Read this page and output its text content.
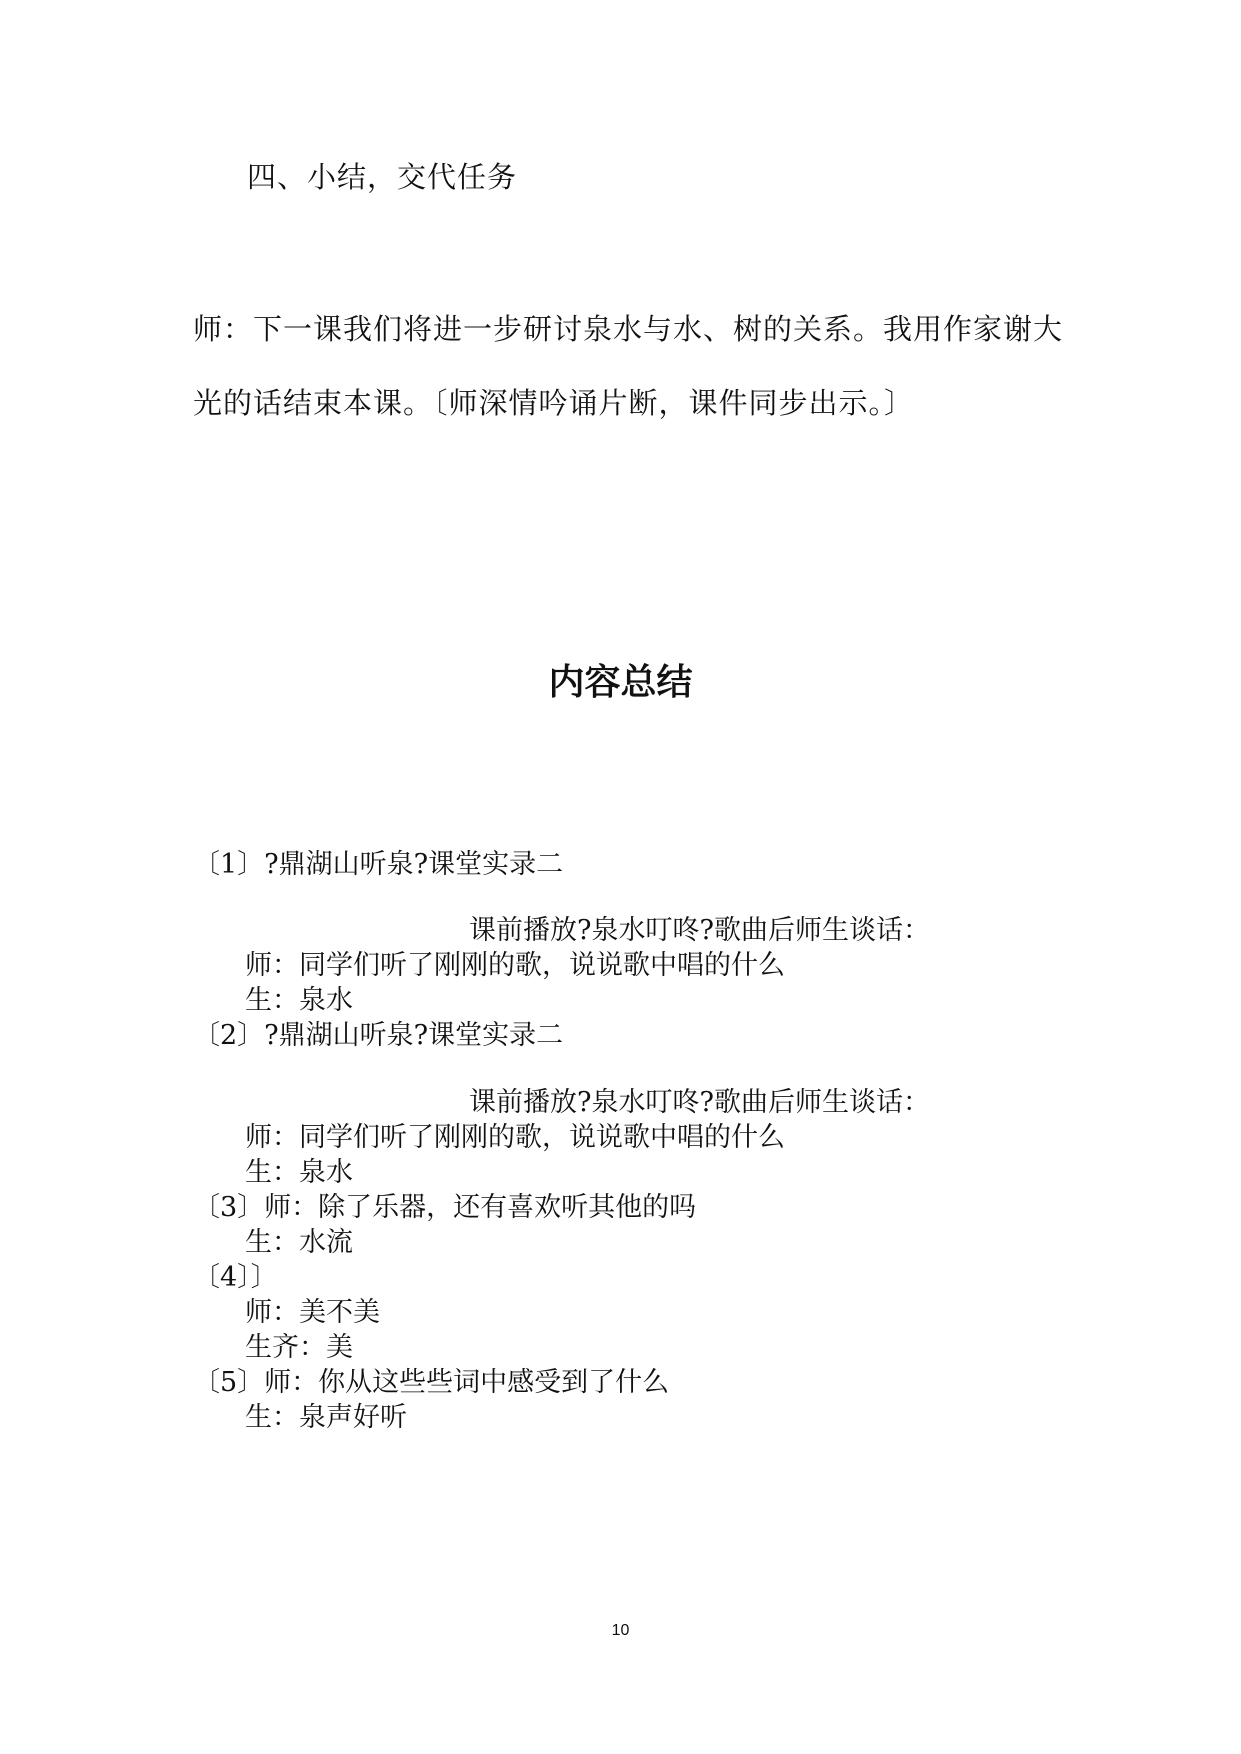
四、小结，交代任务
师：下一课我们将进一步研讨泉水与水、树的关系。我用作家谢大
光的话结束本课。〔师深情吟诵片断，课件同步出示。〕
内容总结
〔1〕?鼎湖山听泉?课堂实录二
课前播放?泉水叮咚?歌曲后师生谈话：
师：同学们听了刚刚的歌，说说歌中唱的什么
生：泉水
〔2〕?鼎湖山听泉?课堂实录二
课前播放?泉水叮咚?歌曲后师生谈话：
师：同学们听了刚刚的歌，说说歌中唱的什么
生：泉水
〔3〕师：除了乐器，还有喜欢听其他的吗
生：水流
〔4〕〕
师：美不美
生齐：美
〔5〕师：你从这些些词中感受到了什么
生：泉声好听
10
